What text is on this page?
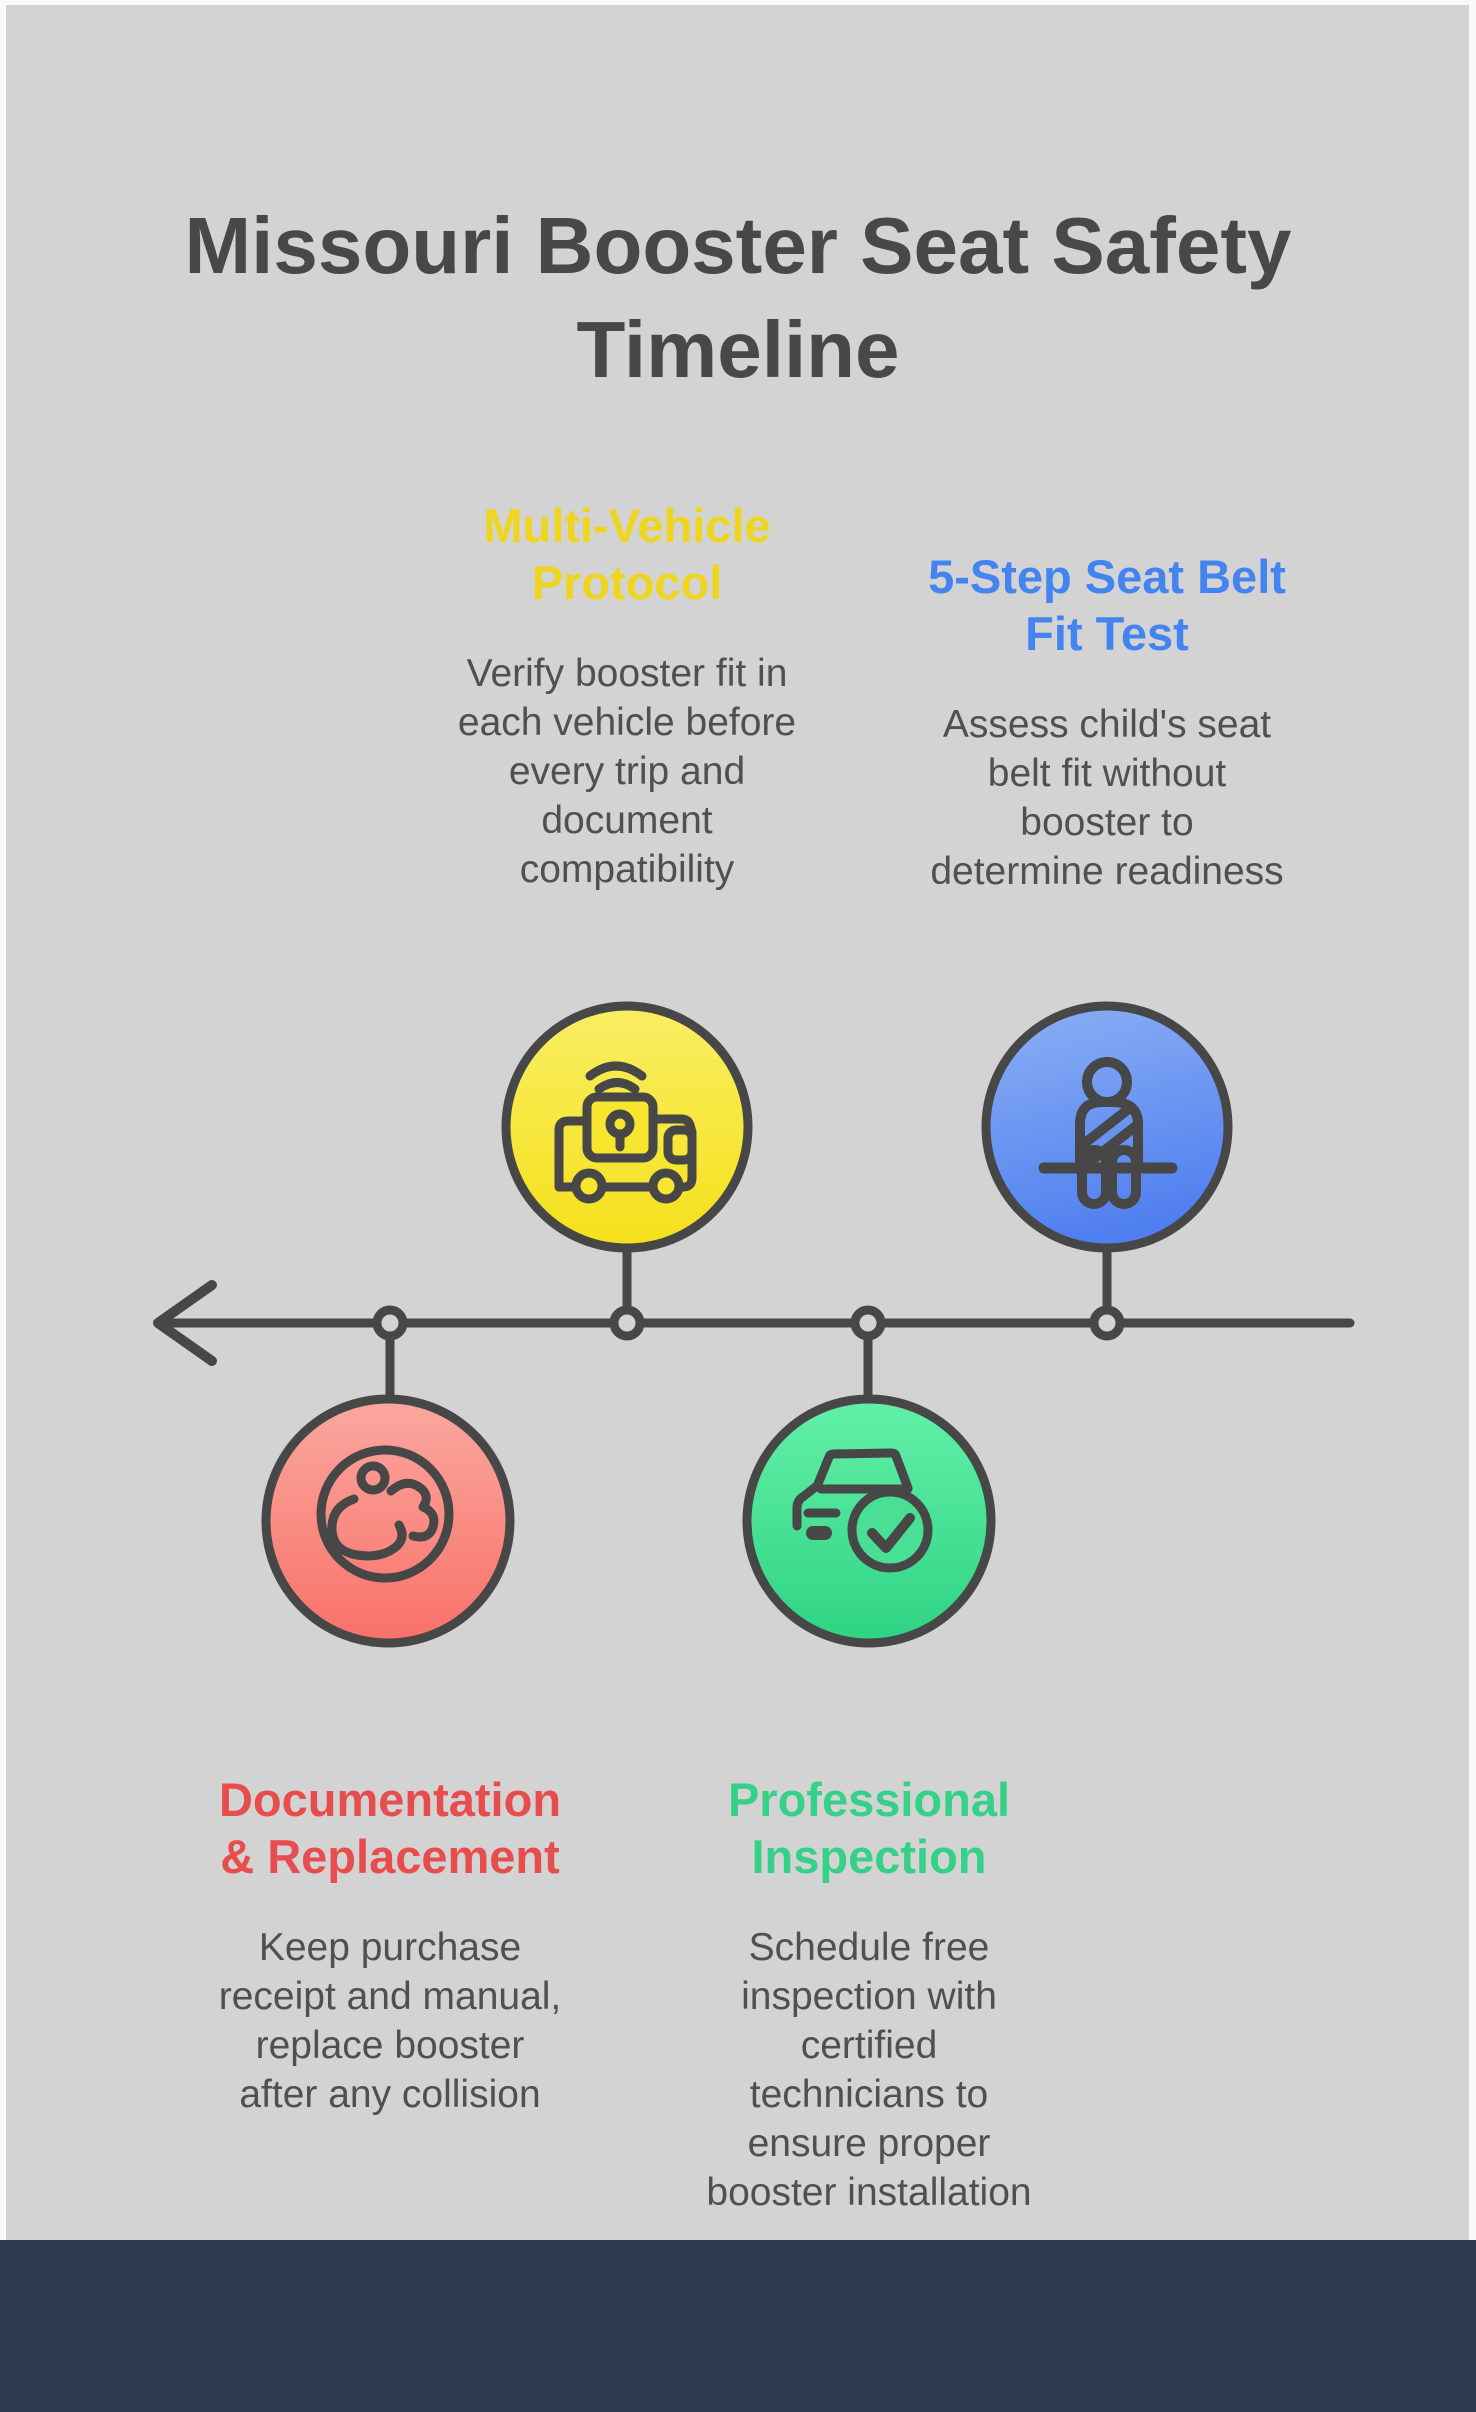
Missouri Booster Seat Safety
Timeline
Multi-Vehicle
Protocol
Verify booster fit in
each vehicle before
every trip and
document
compatibility
5-Step Seat Belt
Fit Test
Assess child's seat
belt fit without
booster to
determine readiness
Documentation
& Replacement
Keep purchase
receipt and manual,
replace booster
after any collision
Professional
Inspection
Schedule free
inspection with
certified
technicians to
ensure proper
booster installation
